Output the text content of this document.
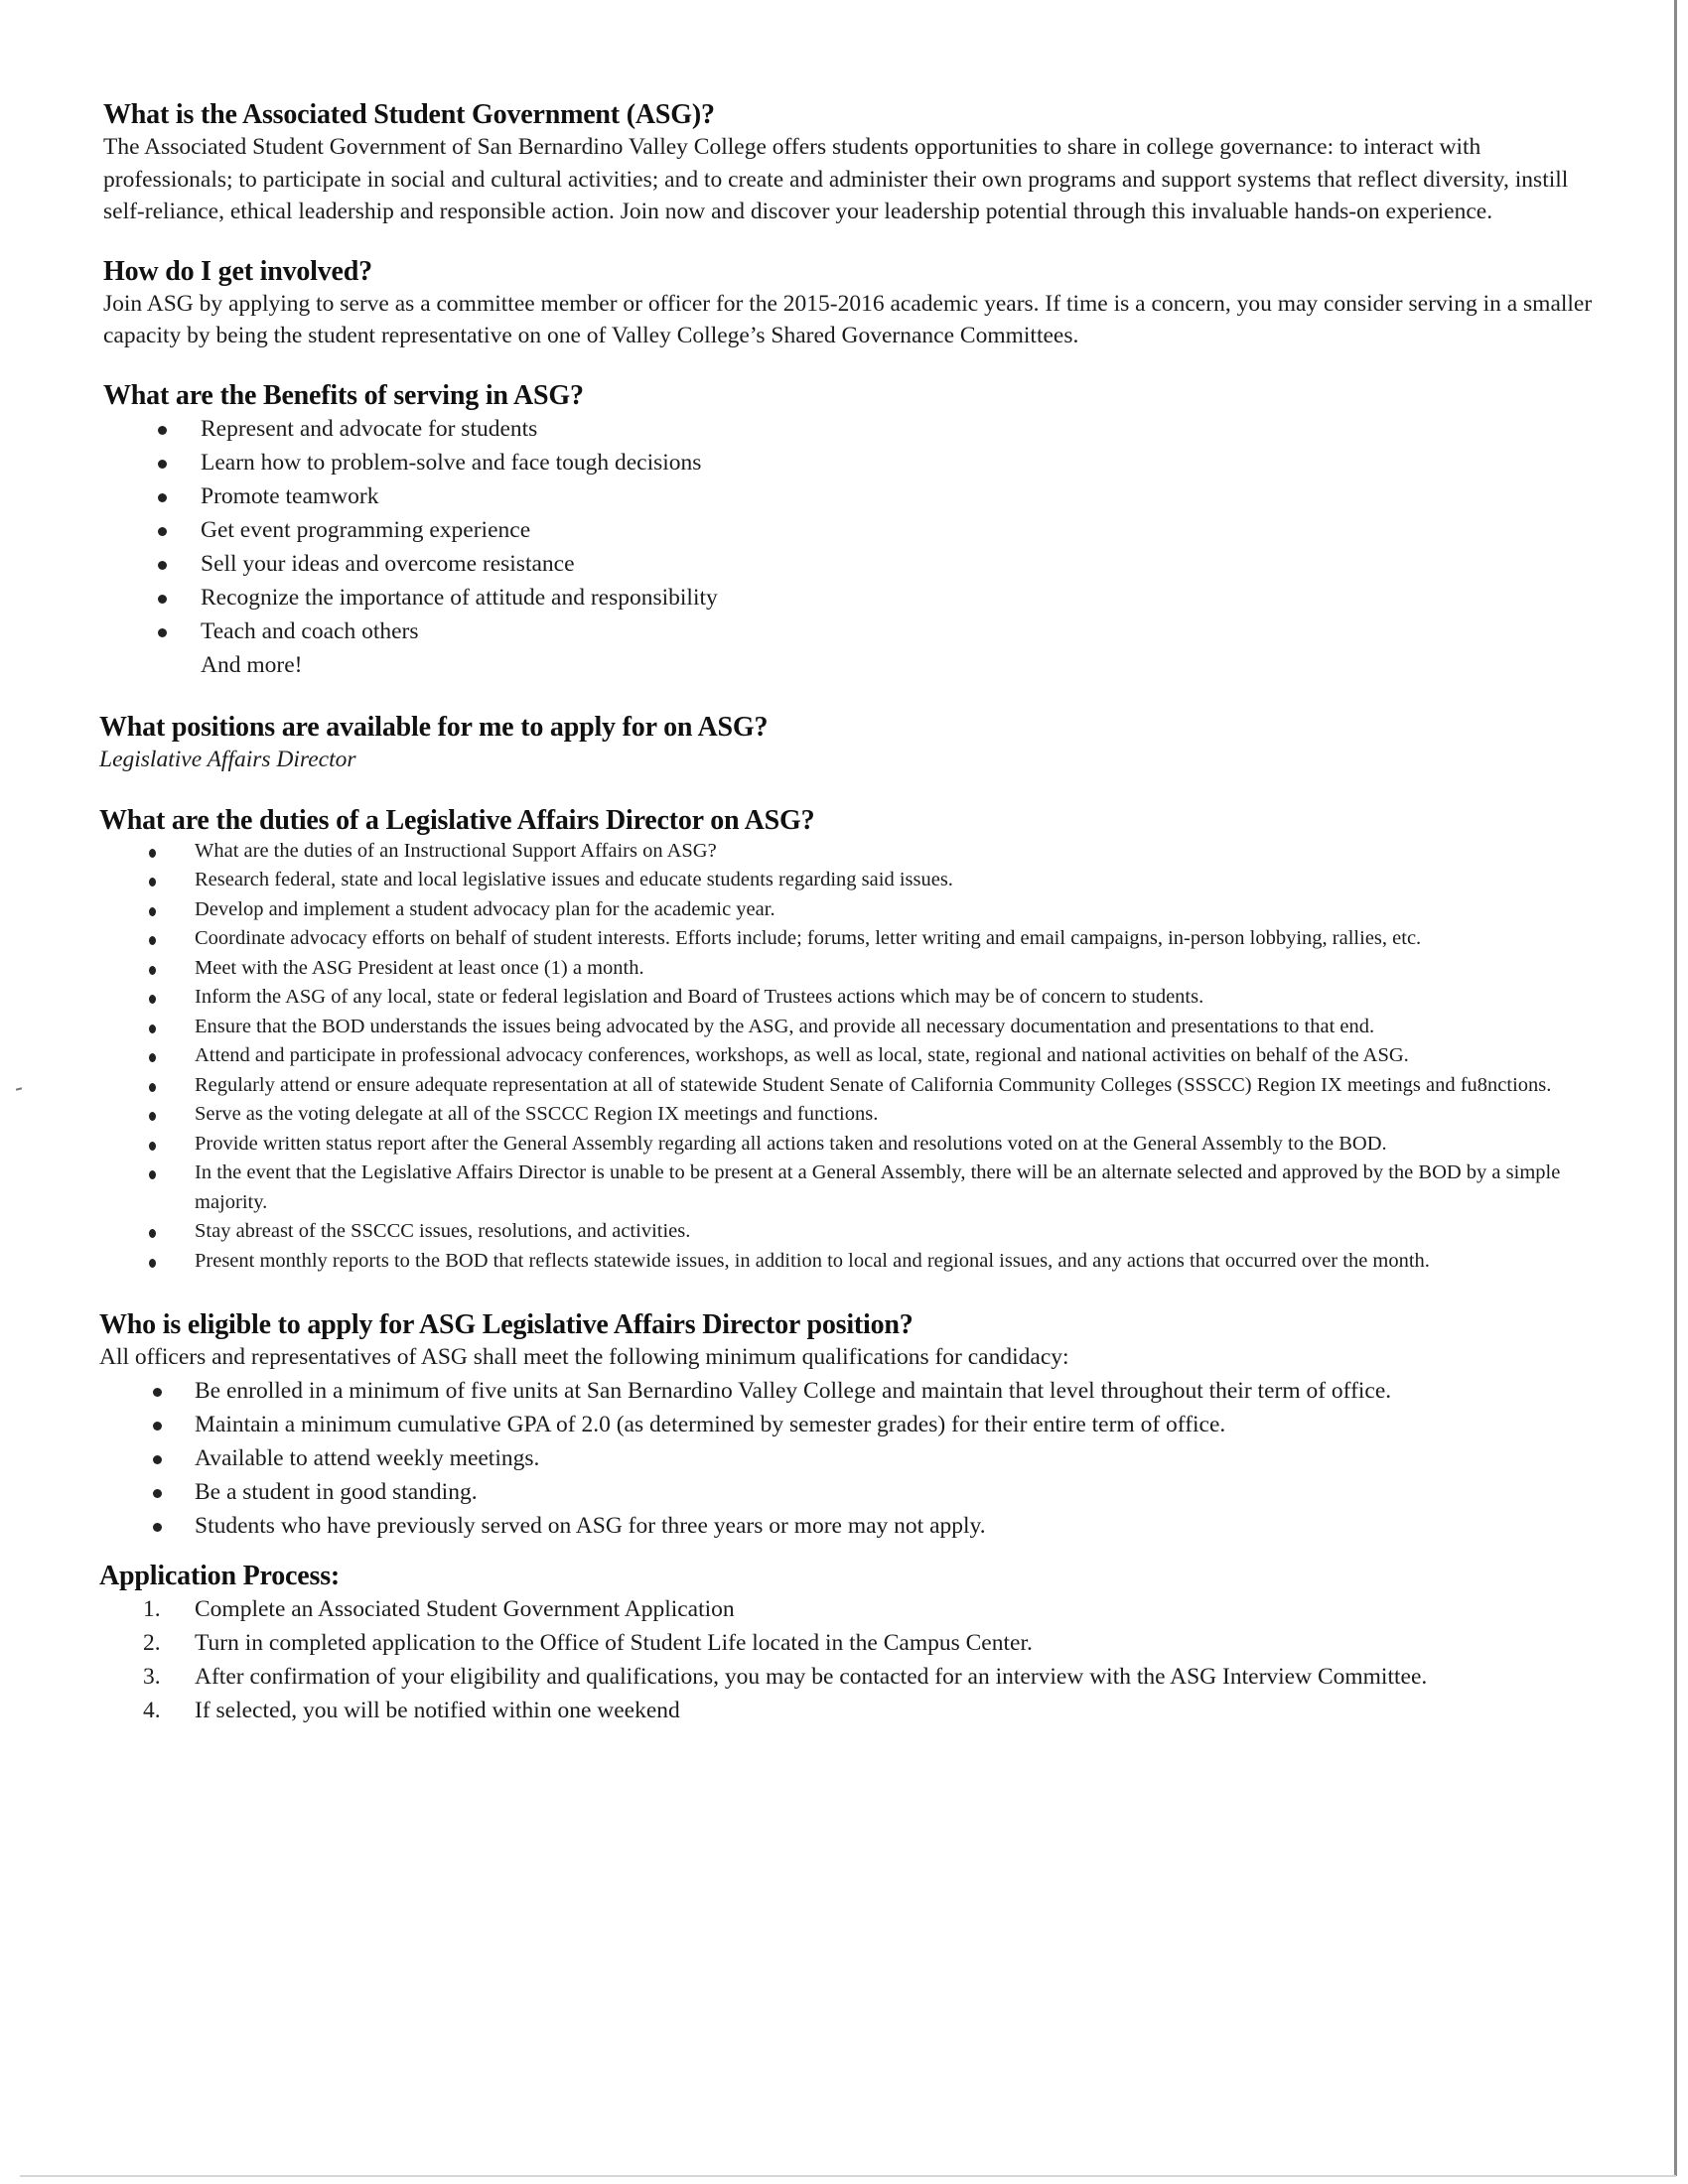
What is the Associated Student Government (ASG)?

The Associated Student Government of San Bernardino Valley College offers students opportunities to share in college governance: to interact with professionals; to participate in social and cultural activities; and to create and administer their own programs and support systems that reflect diversity, instill self-reliance, ethical leadership and responsible action. Join now and discover your leadership potential through this invaluable hands-on experience.

How do I get involved?

Join ASG by applying to serve as a committee member or officer for the 2015-2016 academic years. If time is a concern, you may consider serving in a smaller capacity by being the student representative on one of Valley College’s Shared Governance Committees.

What are the Benefits of serving in ASG?
Represent and advocate for students
Learn how to problem-solve and face tough decisions
Promote teamwork
Get event programming experience
Sell your ideas and overcome resistance
Recognize the importance of attitude and responsibility
Teach and coach others
And more!
What positions are available for me to apply for on ASG?
Legislative Affairs Director
What are the duties of a Legislative Affairs Director on ASG?
What are the duties of an Instructional Support Affairs on ASG?
Research federal, state and local legislative issues and educate students regarding said issues.
Develop and implement a student advocacy plan for the academic year.
Coordinate advocacy efforts on behalf of student interests. Efforts include; forums, letter writing and email campaigns, in-person lobbying, rallies, etc.
Meet with the ASG President at least once (1) a month.
Inform the ASG of any local, state or federal legislation and Board of Trustees actions which may be of concern to students.
Ensure that the BOD understands the issues being advocated by the ASG, and provide all necessary documentation and presentations to that end.
Attend and participate in professional advocacy conferences, workshops, as well as local, state, regional and national activities on behalf of the ASG.
Regularly attend or ensure adequate representation at all of statewide Student Senate of California Community Colleges (SSSCC) Region IX meetings and fu8nctions.
Serve as the voting delegate at all of the SSCCC Region IX meetings and functions.
Provide written status report after the General Assembly regarding all actions taken and resolutions voted on at the General Assembly to the BOD.
In the event that the Legislative Affairs Director is unable to be present at a General Assembly, there will be an alternate selected and approved by the BOD by a simple majority.
Stay abreast of the SSCCC issues, resolutions, and activities.
Present monthly reports to the BOD that reflects statewide issues, in addition to local and regional issues, and any actions that occurred over the month.
Who is eligible to apply for ASG Legislative Affairs Director position?

All officers and representatives of ASG shall meet the following minimum qualifications for candidacy:

Be enrolled in a minimum of five units at San Bernardino Valley College and maintain that level throughout their term of office.
Maintain a minimum cumulative GPA of 2.0 (as determined by semester grades) for their entire term of office.
Available to attend weekly meetings.
Be a student in good standing.
Students who have previously served on ASG for three years or more may not apply.
Application Process:
1. Complete an Associated Student Government Application
2. Turn in completed application to the Office of Student Life located in the Campus Center.
3. After confirmation of your eligibility and qualifications, you may be contacted for an interview with the ASG Interview Committee.
4. If selected, you will be notified within one weekend
